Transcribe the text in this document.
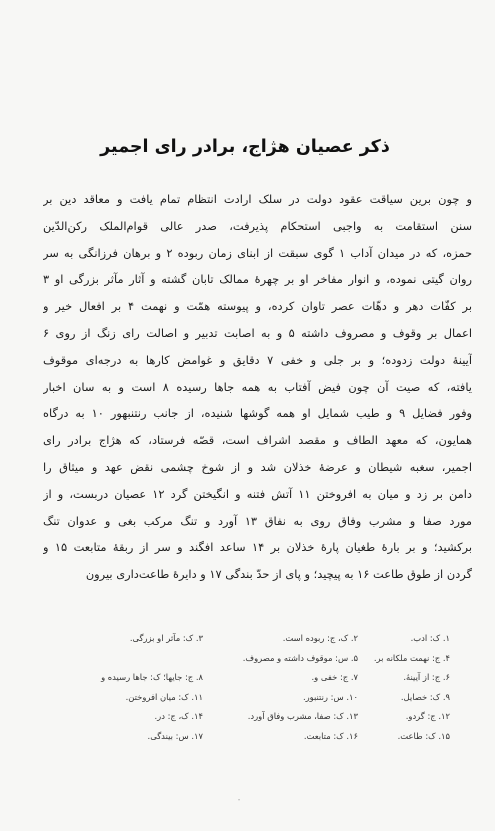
ذکر عصیان هژاج، برادر رای اجمیر
و چون برین سیاقت عقود دولت در سلک ارادت انتظام تمام یافت و معاقد دین بر
سنن استقامت به واجبی استحکام پذیرفت، صدر عالی قوام‌الملک رکن‌الدّین
حمزه، که در میدان آداب ۱ گوی سبقت از ابنای زمان ربوده ۲ و برهان فرزانگی به سر
روان گیتی نموده، و انوار مفاخر او بر چهرهٔ ممالک تابان گشته و آثار مآثر بزرگی او ۳
بر کفّات دهر و دهّات عصر تاوان کرده، و پیوسته همّت و نهمت ۴ بر افعال خیر و
اعمال بر وقوف و مصروف داشته ۵ و به اصابت تدبیر و اصالت رای زنگ از روی ۶
آیینهٔ دولت زدوده؛ و بر جلی و خفی ۷ دقایق و غوامض کارها به درجه‌ای موقوف
یافته، که صیت آن چون فیض آفتاب به همه جاها رسیده ۸ است و به سان اخبار
وفور فضایل ۹ و طیب شمایل او همه گوشها شنیده، از جانب رنتنبهور ۱۰ به درگاه
همایون، که معهد الطاف و مقصد اشراف است، قصّه فرستاد، که هژاج برادر رای
اجمیر، سغبه شیطان و عرضهٔ خذلان شد و از شوخ چشمی نقض عهد و میثاق را
دامن بر زد و میان به افروختن ۱۱ آتش فتنه و انگیختن گرد ۱۲ عصیان دربست، و از
مورد صفا و مشرب وفاق روی به نفاق ۱۳ آورد و تنگ مرکب بغی و عدوان تنگ
برکشید؛ و بر بارهٔ طغیان پارهٔ خذلان بر ۱۴ ساعد افگند و سر از ربقهٔ متابعت ۱۵ و
گردن از طوق طاعت ۱۶ به پیچید؛ و پای از حدّ بندگی ۱۷ و دایرهٔ طاعت‌داری بیرون
۱. ک: ادب.
۲. ک، ج: ربوده است.
۳. ک: مآثر او بزرگی.
۴. ج: نهمت ملکانه بر.
۵. س: موقوف داشته و مصروف.
۶. ج: از آیینهٔ.
۷. ج: خفی و.
۸. ج: جایها؛ ک: جاها رسیده و
۹. ک: خصایل.
۱۰. س: رنتنبور.
۱۱. ک: میان افروختن.
۱۲. ج: گردو.
۱۳. ک: صفا، مشرب وفاق آورد.
۱۴. ک، ج: در.
۱۵. ک: طاعت.
۱۶. ک: متابعت.
۱۷. س: بیندگی.
۰
